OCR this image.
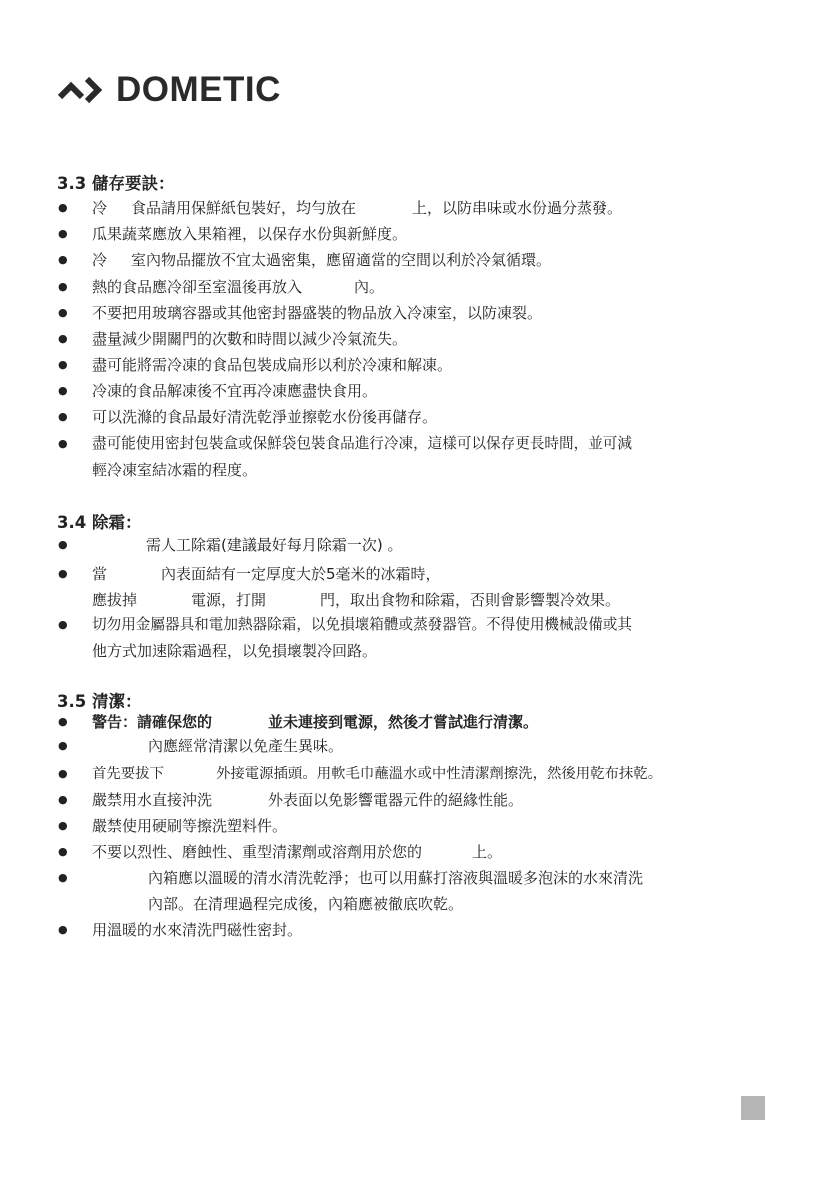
DOMETIC
3.3 儲存要訣：
● 冷 食品請用保鮮紙包裝好，均勻放在	上，以防串味或水份過分蒸發。
● 瓜果蔬菜應放入果箱裡，以保存水份與新鮮度。
● 冷 室內物品擺放不宜太過密集，應留適當的空間以利於冷氣循環。
● 熱的食品應冷卻至室溫後再放入	內。
● 不要把用玻璃容器或其他密封器盛裝的物品放入冷凍室，以防凍裂。
● 盡量減少開關門的次數和時間以減少冷氣流失。
● 盡可能將需冷凍的食品包裝成扁形以利於冷凍和解凍。
● 冷凍的食品解凍後不宜再冷凍應盡快食用。
● 可以洗滌的食品最好清洗乾淨並擦乾水份後再儲存。
● 盡可能使用密封包裝盒或保鮮袋包裝食品進行冷凍，這樣可以保存更長時間，並可減
輕冷凍室結冰霜的程度。
3.4 除霜：
●	需人工除霜(建議最好每月除霜一次) 。
● 當	內表面結有一定厚度大於5毫米的冰霜時，
應拔掉	電源，打開	門，取出食物和除霜，否則會影響製冷效果。
● 切勿用金屬器具和電加熱器除霜，以免損壞箱體或蒸發器管。不得使用機械設備或其
他方式加速除霜過程，以免損壞製冷回路。
3.5 清潔：
● 警告：請確保您的	並未連接到電源，然後才嘗試進行清潔。
●	內應經常清潔以免產生異味。
● 首先要拔下	外接電源插頭。用軟毛巾蘸溫水或中性清潔劑擦洗，然後用乾布抹乾。
● 嚴禁用水直接沖洗	外表面以免影響電器元件的絕緣性能。
● 嚴禁使用硬刷等擦洗塑料件。
● 不要以烈性、磨蝕性、重型清潔劑或溶劑用於您的	上。
●	內箱應以溫暖的清水清洗乾淨；也可以用蘇打溶液與溫暖多泡沫的水來清洗
內部。在清理過程完成後，內箱應被徹底吹乾。
● 用溫暖的水來清洗門磁性密封。
